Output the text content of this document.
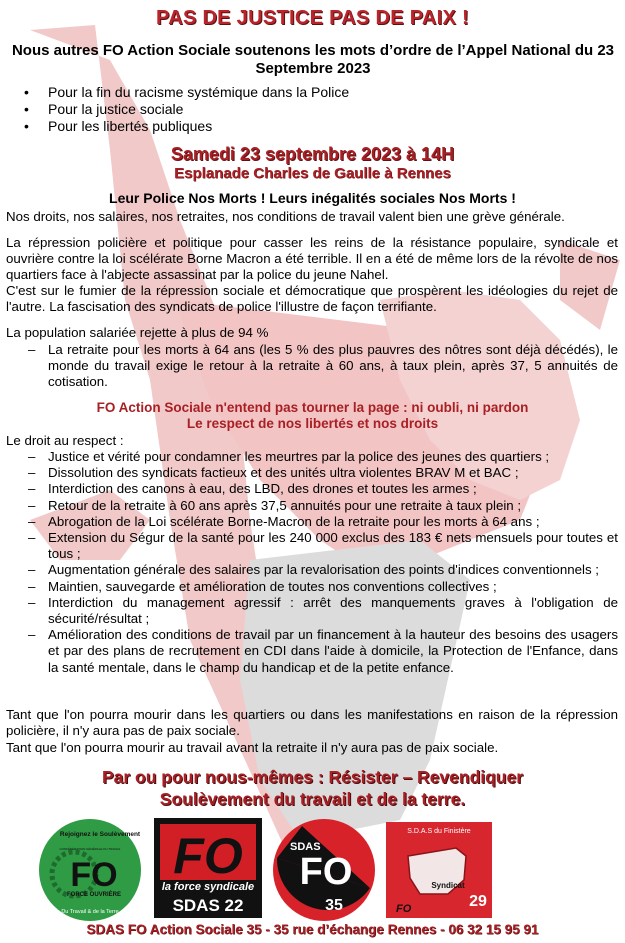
PAS DE JUSTICE PAS DE PAIX !
Nous autres FO Action Sociale soutenons les mots d’ordre de l’Appel National du 23 Septembre 2023
• Pour la fin du racisme systémique dans la Police
• Pour la justice sociale
• Pour les libertés publiques
Samedi 23 septembre 2023 à 14H
Esplanade Charles de Gaulle à Rennes
Leur Police Nos Morts ! Leurs inégalités sociales Nos Morts !
Nos droits, nos salaires, nos retraites, nos conditions de travail valent bien une grève générale.
La répression policière et politique pour casser les reins de la résistance populaire, syndicale et ouvrière contre la loi scélérate Borne Macron a été terrible. Il en a été de même lors de la révolte de nos quartiers face à l'abjecte assassinat par la police du jeune Nahel.
C'est sur le fumier de la répression sociale et démocratique que prospèrent les idéologies du rejet de l'autre. La fascisation des syndicats de police l'illustre de façon terrifiante.
La population salariée rejette à plus de 94 %
– La retraite pour les morts à 64 ans (les 5 % des plus pauvres des nôtres sont déjà décédés), le monde du travail exige le retour à la retraite à 60 ans, à taux plein, après 37, 5 annuités de cotisation.
FO Action Sociale n'entend pas tourner la page : ni oubli, ni pardon
Le respect de nos libertés et nos droits
Le droit au respect :
– Justice et vérité pour condamner les meurtres par la police des jeunes des quartiers ;
– Dissolution des syndicats factieux et des unités ultra violentes BRAV M et BAC ;
– Interdiction des canons à eau, des LBD, des drones et toutes les armes ;
– Retour de la retraite à 60 ans après 37,5 annuités pour une retraite à taux plein ;
– Abrogation de la Loi scélérate Borne-Macron de la retraite pour les morts à 64 ans ;
– Extension du Ségur de la santé pour les 240 000 exclus des 183 € nets mensuels pour toutes et tous ;
– Augmentation générale des salaires par la revalorisation des points d'indices conventionnels ;
– Maintien, sauvegarde et amélioration de toutes nos conventions collectives ;
– Interdiction du management agressif : arrêt des manquements graves à l'obligation de sécurité/résultat ;
– Amélioration des conditions de travail par un financement à la hauteur des besoins des usagers et par des plans de recrutement en CDI dans l'aide à domicile, la Protection de l'Enfance, dans la santé mentale, dans le champ du handicap et de la petite enfance.
Tant que l'on pourra mourir dans les quartiers ou dans les manifestations en raison de la répression policière, il n'y aura pas de paix sociale.
Tant que l'on pourra mourir au travail avant la retraite il n'y aura pas de paix sociale.
Par ou pour nous-mêmes : Résister – Revendiquer
Soulèvement du travail et de la terre.
Rejoignez le Soulèvement
CONFÉDÉRATION GÉNÉRALE DU TRAVAIL
FO
FORCE OUVRIÈRE
Du Travail & de la Terre
FO
la force syndicale
SDAS 22
SDAS
FO
35
S.D.A.S du Finistère
Syndicat
FO	29
SDAS FO Action Sociale 35 - 35 rue d’échange Rennes - 06 32 15 95 91
